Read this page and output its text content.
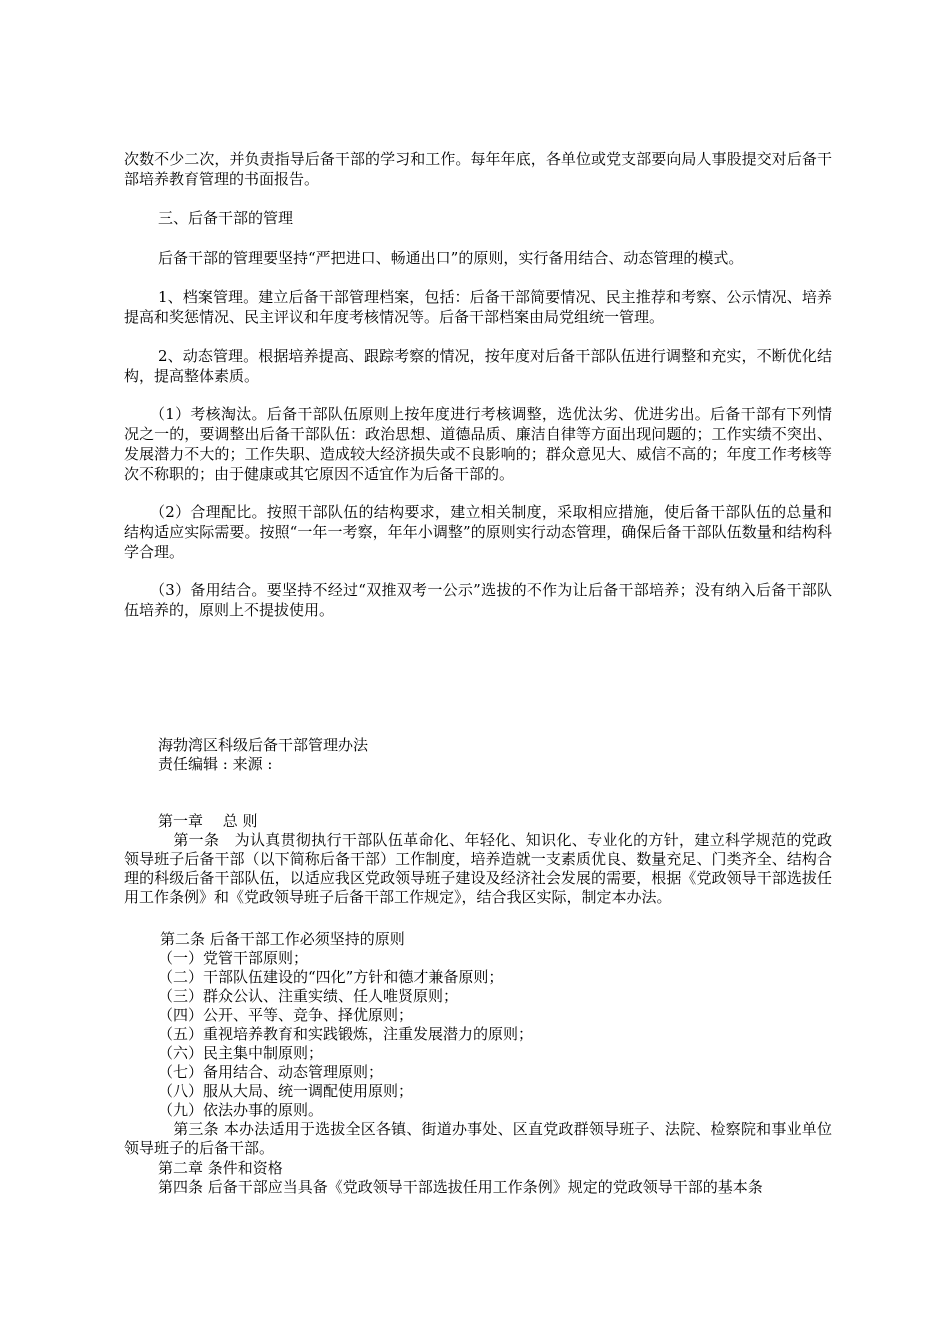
次数不少二次，并负责指导后备干部的学习和工作。每年年底，各单位或党支部要向局人事股提交对后备干部培养教育管理的书面报告。

三、后备干部的管理

后备干部的管理要坚持“严把进口、畅通出口”的原则，实行备用结合、动态管理的模式。

1、档案管理。建立后备干部管理档案，包括：后备干部简要情况、民主推荐和考察、公示情况、培养提高和奖惩情况、民主评议和年度考核情况等。后备干部档案由局党组统一管理。

2、动态管理。根据培养提高、跟踪考察的情况，按年度对后备干部队伍进行调整和充实，不断优化结构，提高整体素质。

（1）考核淘汰。后备干部队伍原则上按年度进行考核调整，选优汰劣、优进劣出。后备干部有下列情况之一的，要调整出后备干部队伍：政治思想、道德品质、廉洁自律等方面出现问题的；工作实绩不突出、发展潜力不大的；工作失职、造成较大经济损失或不良影响的；群众意见大、威信不高的；年度工作考核等次不称职的；由于健康或其它原因不适宜作为后备干部的。

（2）合理配比。按照干部队伍的结构要求，建立相关制度，采取相应措施，使后备干部队伍的总量和结构适应实际需要。按照“一年一考察，年年小调整”的原则实行动态管理，确保后备干部队伍数量和结构科学合理。

（3）备用结合。要坚持不经过“双推双考一公示”选拔的不作为让后备干部培养；没有纳入后备干部队伍培养的，原则上不提拔使用。

海勃湾区科级后备干部管理办法

责任编辑 : 来源 :

第一章　 总 则

　第一条　为认真贯彻执行干部队伍革命化、年轻化、知识化、专业化的方针，建立科学规范的党政领导班子后备干部（以下简称后备干部）工作制度，培养造就一支素质优良、数量充足、门类齐全、结构合理的科级后备干部队伍，以适应我区党政领导班子建设及经济社会发展的需要，根据《党政领导干部选拔任用工作条例》和《党政领导班子后备干部工作规定》，结合我区实际，制定本办法。

第二条 后备干部工作必须坚持的原则

（一）党管干部原则；

（二）干部队伍建设的“四化”方针和德才兼备原则；

（三）群众公认、注重实绩、任人唯贤原则；

（四）公开、平等、竞争、择优原则；

（五）重视培养教育和实践锻炼，注重发展潜力的原则；

（六）民主集中制原则；

（七）备用结合、动态管理原则；

（八）服从大局、统一调配使用原则；

（九）依法办事的原则。

　第三条 本办法适用于选拔全区各镇、街道办事处、区直党政群领导班子、法院、检察院和事业单位领导班子的后备干部。

第二章 条件和资格

第四条 后备干部应当具备《党政领导干部选拔任用工作条例》规定的党政领导干部的基本条
